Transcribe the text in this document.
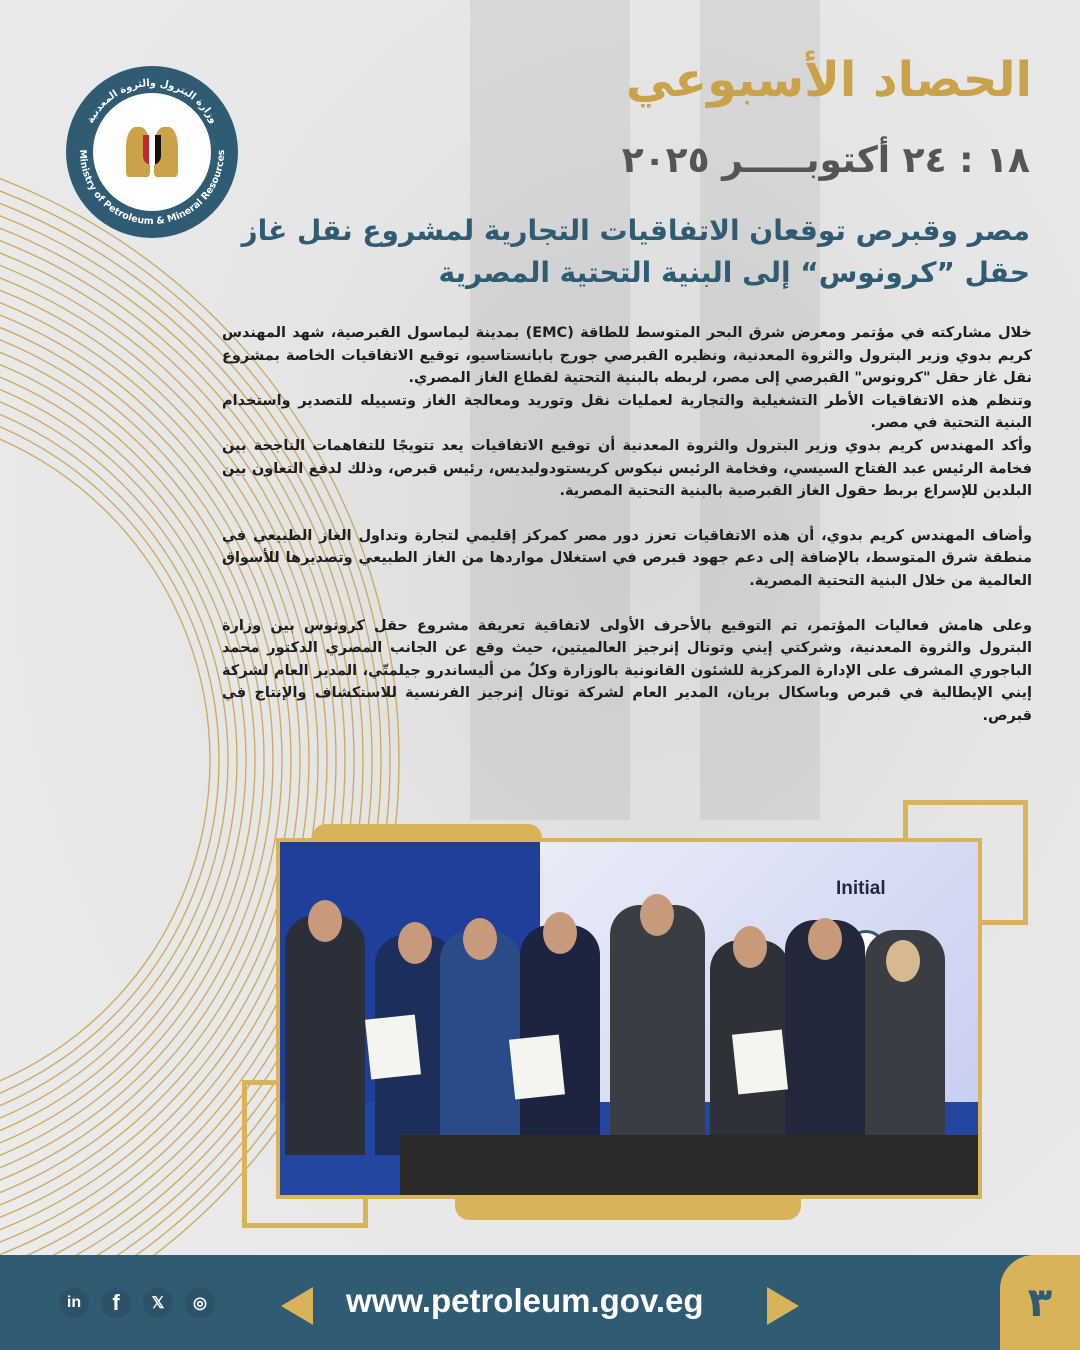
وزارة البترول والثروة المعدنية
Ministry of Petroleum & Mineral Resources
الحصاد الأسبوعي
١٨ : ٢٤ أكتوبـــــر ٢٠٢٥
مصر وقبرص توقعان الاتفاقيات التجارية لمشروع نقل غاز
حقل ”كرونوس“ إلى البنية التحتية المصرية

خلال مشاركته في مؤتمر ومعرض شرق البحر المتوسط للطاقة (EMC) بمدينة ليماسول القبرصية، شهد المهندس كريم بدوي وزير البترول والثروة المعدنية، ونظيره القبرصي جورج بابانستاسيو، توقيع الاتفاقيات الخاصة بمشروع نقل غاز حقل "كرونوس" القبرصي إلى مصر، لربطه بالبنية التحتية لقطاع الغاز المصري.

وتنظم هذه الاتفاقيات الأطر التشغيلية والتجارية لعمليات نقل وتوريد ومعالجة الغاز وتسييله للتصدير واستخدام البنية التحتية في مصر.

وأكد المهندس كريم بدوي وزير البترول والثروة المعدنية أن توقيع الاتفاقيات يعد تتويجًا للتفاهمات الناجحة بين فخامة الرئيس عبد الفتاح السيسي، وفخامة الرئيس نيكوس كريستودوليديس، رئيس قبرص، وذلك لدفع التعاون بين البلدين للإسراع بربط حقول الغاز القبرصية بالبنية التحتية المصرية.

وأضاف المهندس كريم بدوي، أن هذه الاتفاقيات تعزز دور مصر كمركز إقليمي لتجارة وتداول الغاز الطبيعي في منطقة شرق المتوسط، بالإضافة إلى دعم جهود قبرص في استغلال مواردها من الغاز الطبيعي وتصديرها للأسواق العالمية من خلال البنية التحتية المصرية.

وعلى هامش فعاليات المؤتمر، تم التوقيع بالأحرف الأولى لاتفاقية تعريفة مشروع حقل كرونوس بين وزارة البترول والثروة المعدنية، وشركتي إيني وتوتال إنرجيز العالميتين، حيث وقع عن الجانب المصري الدكتور محمد الباجوري المشرف على الإدارة المركزية للشئون القانونية بالوزارة وكلٌ من أليساندرو جيلمتّي، المدير العام لشركة إيني الإيطالية في قبرص وباسكال بريان، المدير العام لشركة توتال إنرجيز الفرنسية للاستكشاف والإنتاج في قبرص.

Initial
in	f	𝕏	◎	www.petroleum.gov.eg	٣
